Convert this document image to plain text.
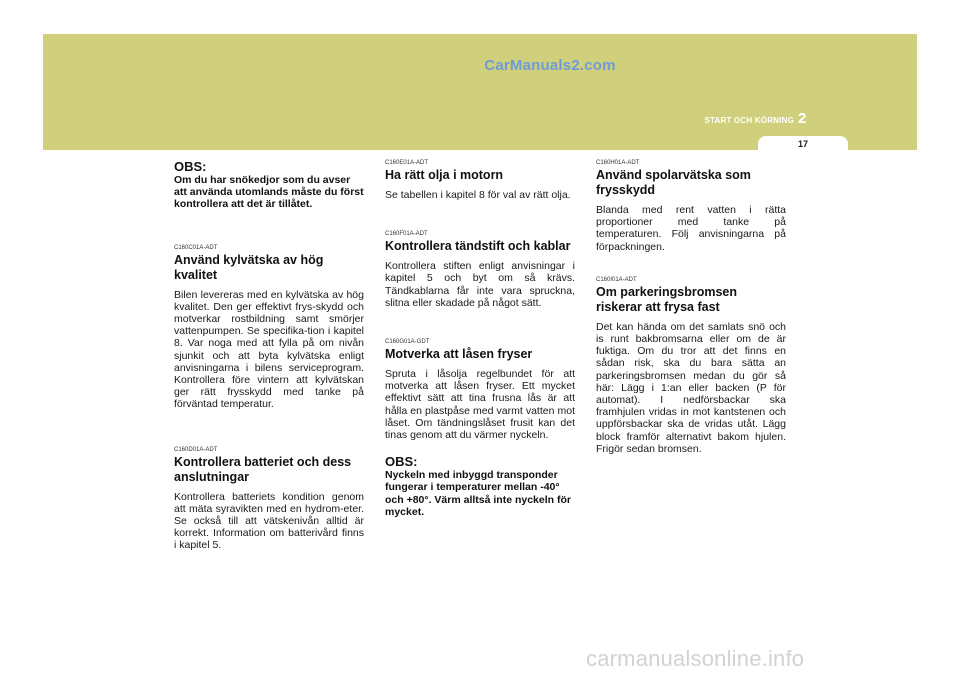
CarManuals2.com
START OCH KÖRNING 2
17
OBS:

Om du har snökedjor som du avser att använda utomlands måste du först kontrollera att det är tillåtet.

C160C01A-ADT
Använd kylvätska av hög kvalitet

Bilen levereras med en kylvätska av hög kvalitet. Den ger effektivt frys-skydd och motverkar rostbildning samt smörjer vattenpumpen. Se specifika-tion i kapitel 8. Var noga med att fylla på om nivån sjunkit och att byta kylvätska enligt anvisningarna i bilens serviceprogram. Kontrollera före vintern att kylvätskan ger rätt frysskydd med tanke på förväntad temperatur.

C160D01A-ADT
Kontrollera batteriet och dess anslutningar

Kontrollera batteriets kondition genom att mäta syravikten med en hydrom-eter. Se också till att vätskenivån alltid är korrekt. Information om batterivård finns i kapitel 5.

C160E01A-ADT
Ha rätt olja i motorn

Se tabellen i kapitel 8 för val av rätt olja.

C160F01A-ADT
Kontrollera tändstift och kablar

Kontrollera stiften enligt anvisningar i kapitel 5 och byt om så krävs. Tändkablarna får inte vara spruckna, slitna eller skadade på något sätt.

C160G01A-GDT
Motverka att låsen fryser

Spruta i låsolja regelbundet för att motverka att låsen fryser. Ett mycket effektivt sätt att tina frusna lås är att hålla en plastpåse med varmt vatten mot låset. Om tändningslåset frusit kan det tinas genom att du värmer nyckeln.

OBS:

Nyckeln med inbyggd transponder fungerar i temperaturer mellan -40° och +80°. Värm alltså inte nyckeln för mycket.

C160H01A-ADT
Använd spolarvätska som frysskydd

Blanda med rent vatten i rätta proportioner med tanke på temperaturen. Följ anvisningarna på förpackningen.

C160I01A-ADT
Om parkeringsbromsen riskerar att frysa fast

Det kan hända om det samlats snö och is runt bakbromsarna eller om de är fuktiga. Om du tror att det finns en sådan risk, ska du bara sätta an parkeringsbromsen medan du gör så här: Lägg i 1:an eller backen (P för automat). I nedförsbackar ska framhjulen vridas in mot kantstenen och uppförsbackar ska de vridas utåt. Lägg block framför alternativt bakom hjulen. Frigör sedan bromsen.

carmanualsonline.info
